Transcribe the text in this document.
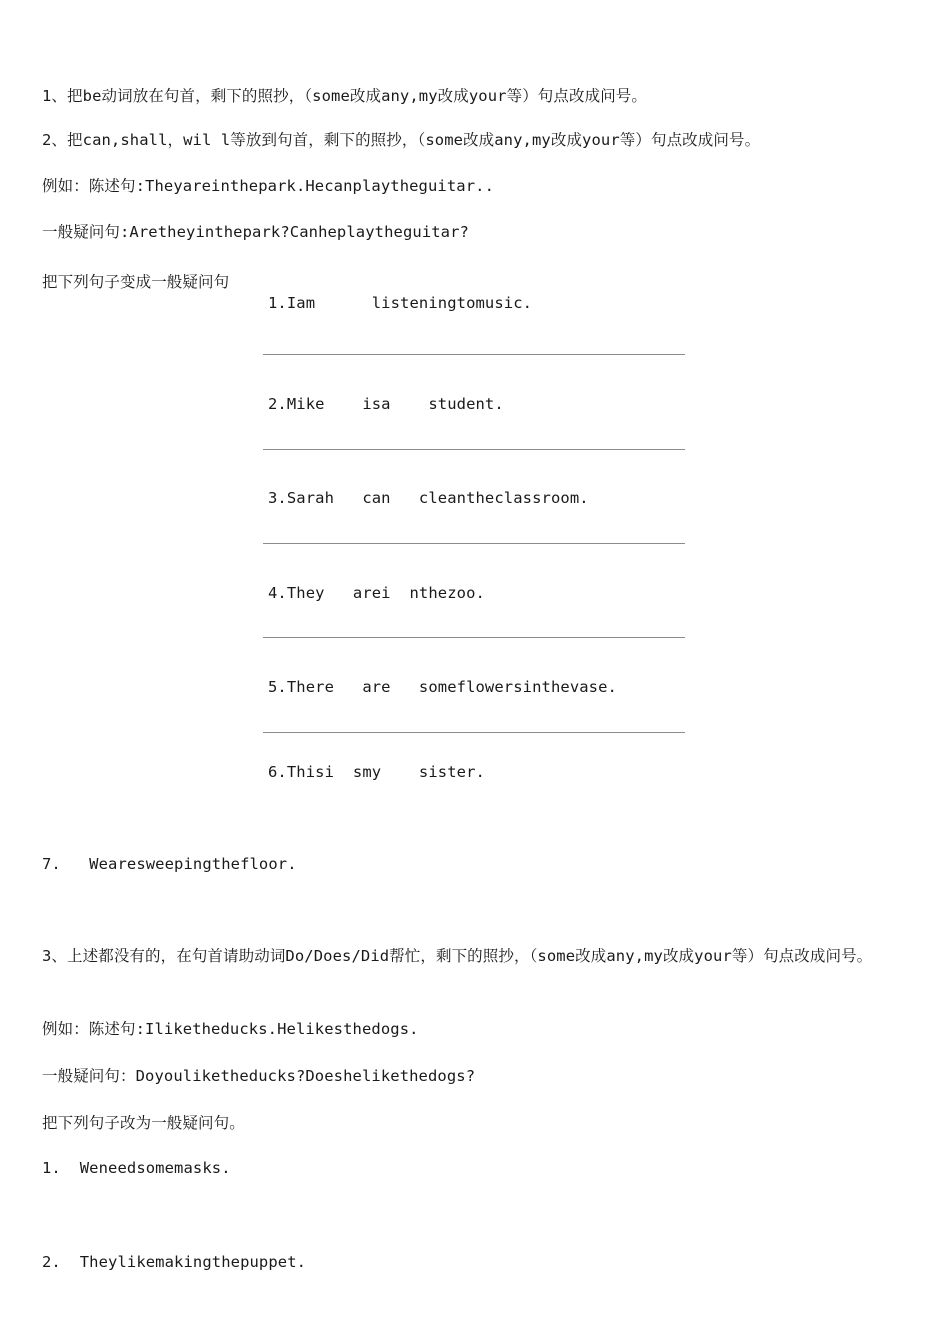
1、把be动词放在句首，剩下的照抄，（some改成any,my改成your等）句点改成问号。
2、把can,shall，wil l等放到句首，剩下的照抄，（some改成any,my改成your等）句点改成问号。
例如：陈述句:Theyareinthepark.Hecanplaytheguitar..
一般疑问句:Aretheyinthepark?Canheplaytheguitar?
把下列句子变成一般疑问句
1.Iam      listeningtomusic.
2.Mike    isa    student.
3.Sarah   can   cleantheclassroom.
4.They   arei  nthezoo.
5.There   are   someflowersinthevase.
6.Thisi  smy    sister.
7.   Wearesweepingthefloor.
3、上述都没有的，在句首请助动词Do/Does/Did帮忙，剩下的照抄，（some改成any,my改成your等）句点改成问号。
例如：陈述句:Iliketheducks.Helikesthedogs.
一般疑问句：Doyouliketheducks?Doeshelikethedogs?
把下列句子改为一般疑问句。
1.  Weneedsomemasks.
2.  Theylikemakingthepuppet.
